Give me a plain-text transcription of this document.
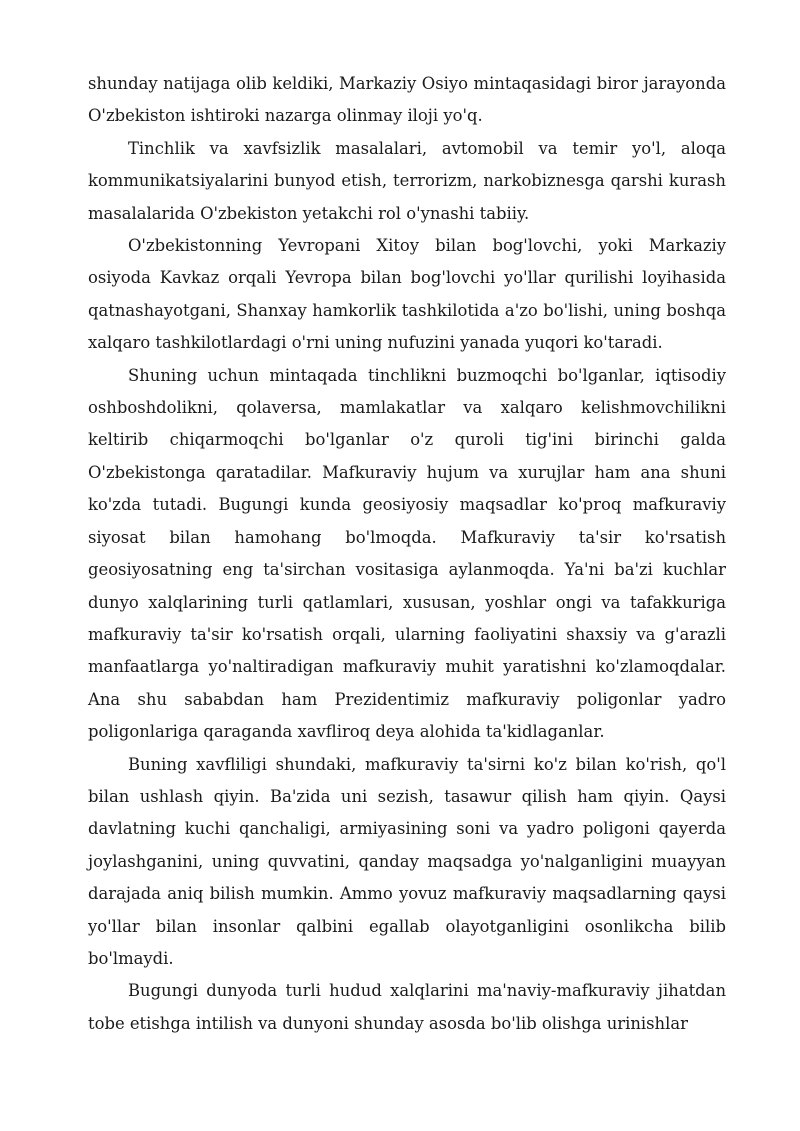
shunday natijaga olib keldiki, Markaziy Osiyo mintaqasidagi biror jarayonda O'zbekiston ishtiroki nazarga olinmay iloji yo'q.

Tinchlik va xavfsizlik masalalari, avtomobil va temir yo'l, aloqa kommunikatsiyalarini bunyod etish, terrorizm, narkobiznesga qarshi kurash masalalarida O'zbekiston yetakchi rol o'ynashi tabiiy.

O'zbekistonning Yevropani Xitoy bilan bog'lovchi, yoki Markaziy osiyoda Kavkaz orqali Yevropa bilan bog'lovchi yo'llar qurilishi loyihasida qatnashayotgani, Shanxay hamkorlik tashkilotida a'zo bo'lishi, uning boshqa xalqaro tashkilotlardagi o'rni uning nufuzini yanada yuqori ko'taradi.

Shuning uchun mintaqada tinchlikni buzmoqchi bo'lganlar, iqtisodiy oshboshdolikni, qolaversa, mamlakatlar va xalqaro kelishmovchilikni keltirib chiqarmoqchi bo'lganlar o'z quroli tig'ini birinchi galda O'zbekistonga qaratadilar. Mafkuraviy hujum va xurujlar ham ana shuni ko'zda tutadi. Bugungi kunda geosiyosiy maqsadlar ko'proq mafkuraviy siyosat bilan hamohang bo'lmoqda. Mafkuraviy ta'sir ko'rsatish geosiyosatning eng ta'sirchan vositasiga aylanmoqda. Ya'ni ba'zi kuchlar dunyo xalqlarining turli qatlamlari, xususan, yoshlar ongi va tafakkuriga mafkuraviy ta'sir ko'rsatish orqali, ularning faoliyatini shaxsiy va g'arazli manfaatlarga yo'naltiradigan mafkuraviy muhit yaratishni ko'zlamoqdalar. Ana shu sababdan ham Prezidentimiz mafkuraviy poligonlar yadro poligonlariga qaraganda xavfliroq deya alohida ta'kidlaganlar.

Buning xavfliligi shundaki, mafkuraviy ta'sirni ko'z bilan ko'rish, qo'l bilan ushlash qiyin. Ba'zida uni sezish, tasawur qilish ham qiyin. Qaysi davlatning kuchi qanchaligi, armiyasining soni va yadro poligoni qayerda joylashganini, uning quvvatini, qanday maqsadga yo'nalganligini muayyan darajada aniq bilish mumkin. Ammo yovuz mafkuraviy maqsadlarning qaysi yo'llar bilan insonlar qalbini egallab olayotganligini osonlikcha bilib bo'lmaydi.

Bugungi dunyoda turli hudud xalqlarini ma'naviy-mafkuraviy jihatdan tobe etishga intilish va dunyoni shunday asosda bo'lib olishga urinishlar
